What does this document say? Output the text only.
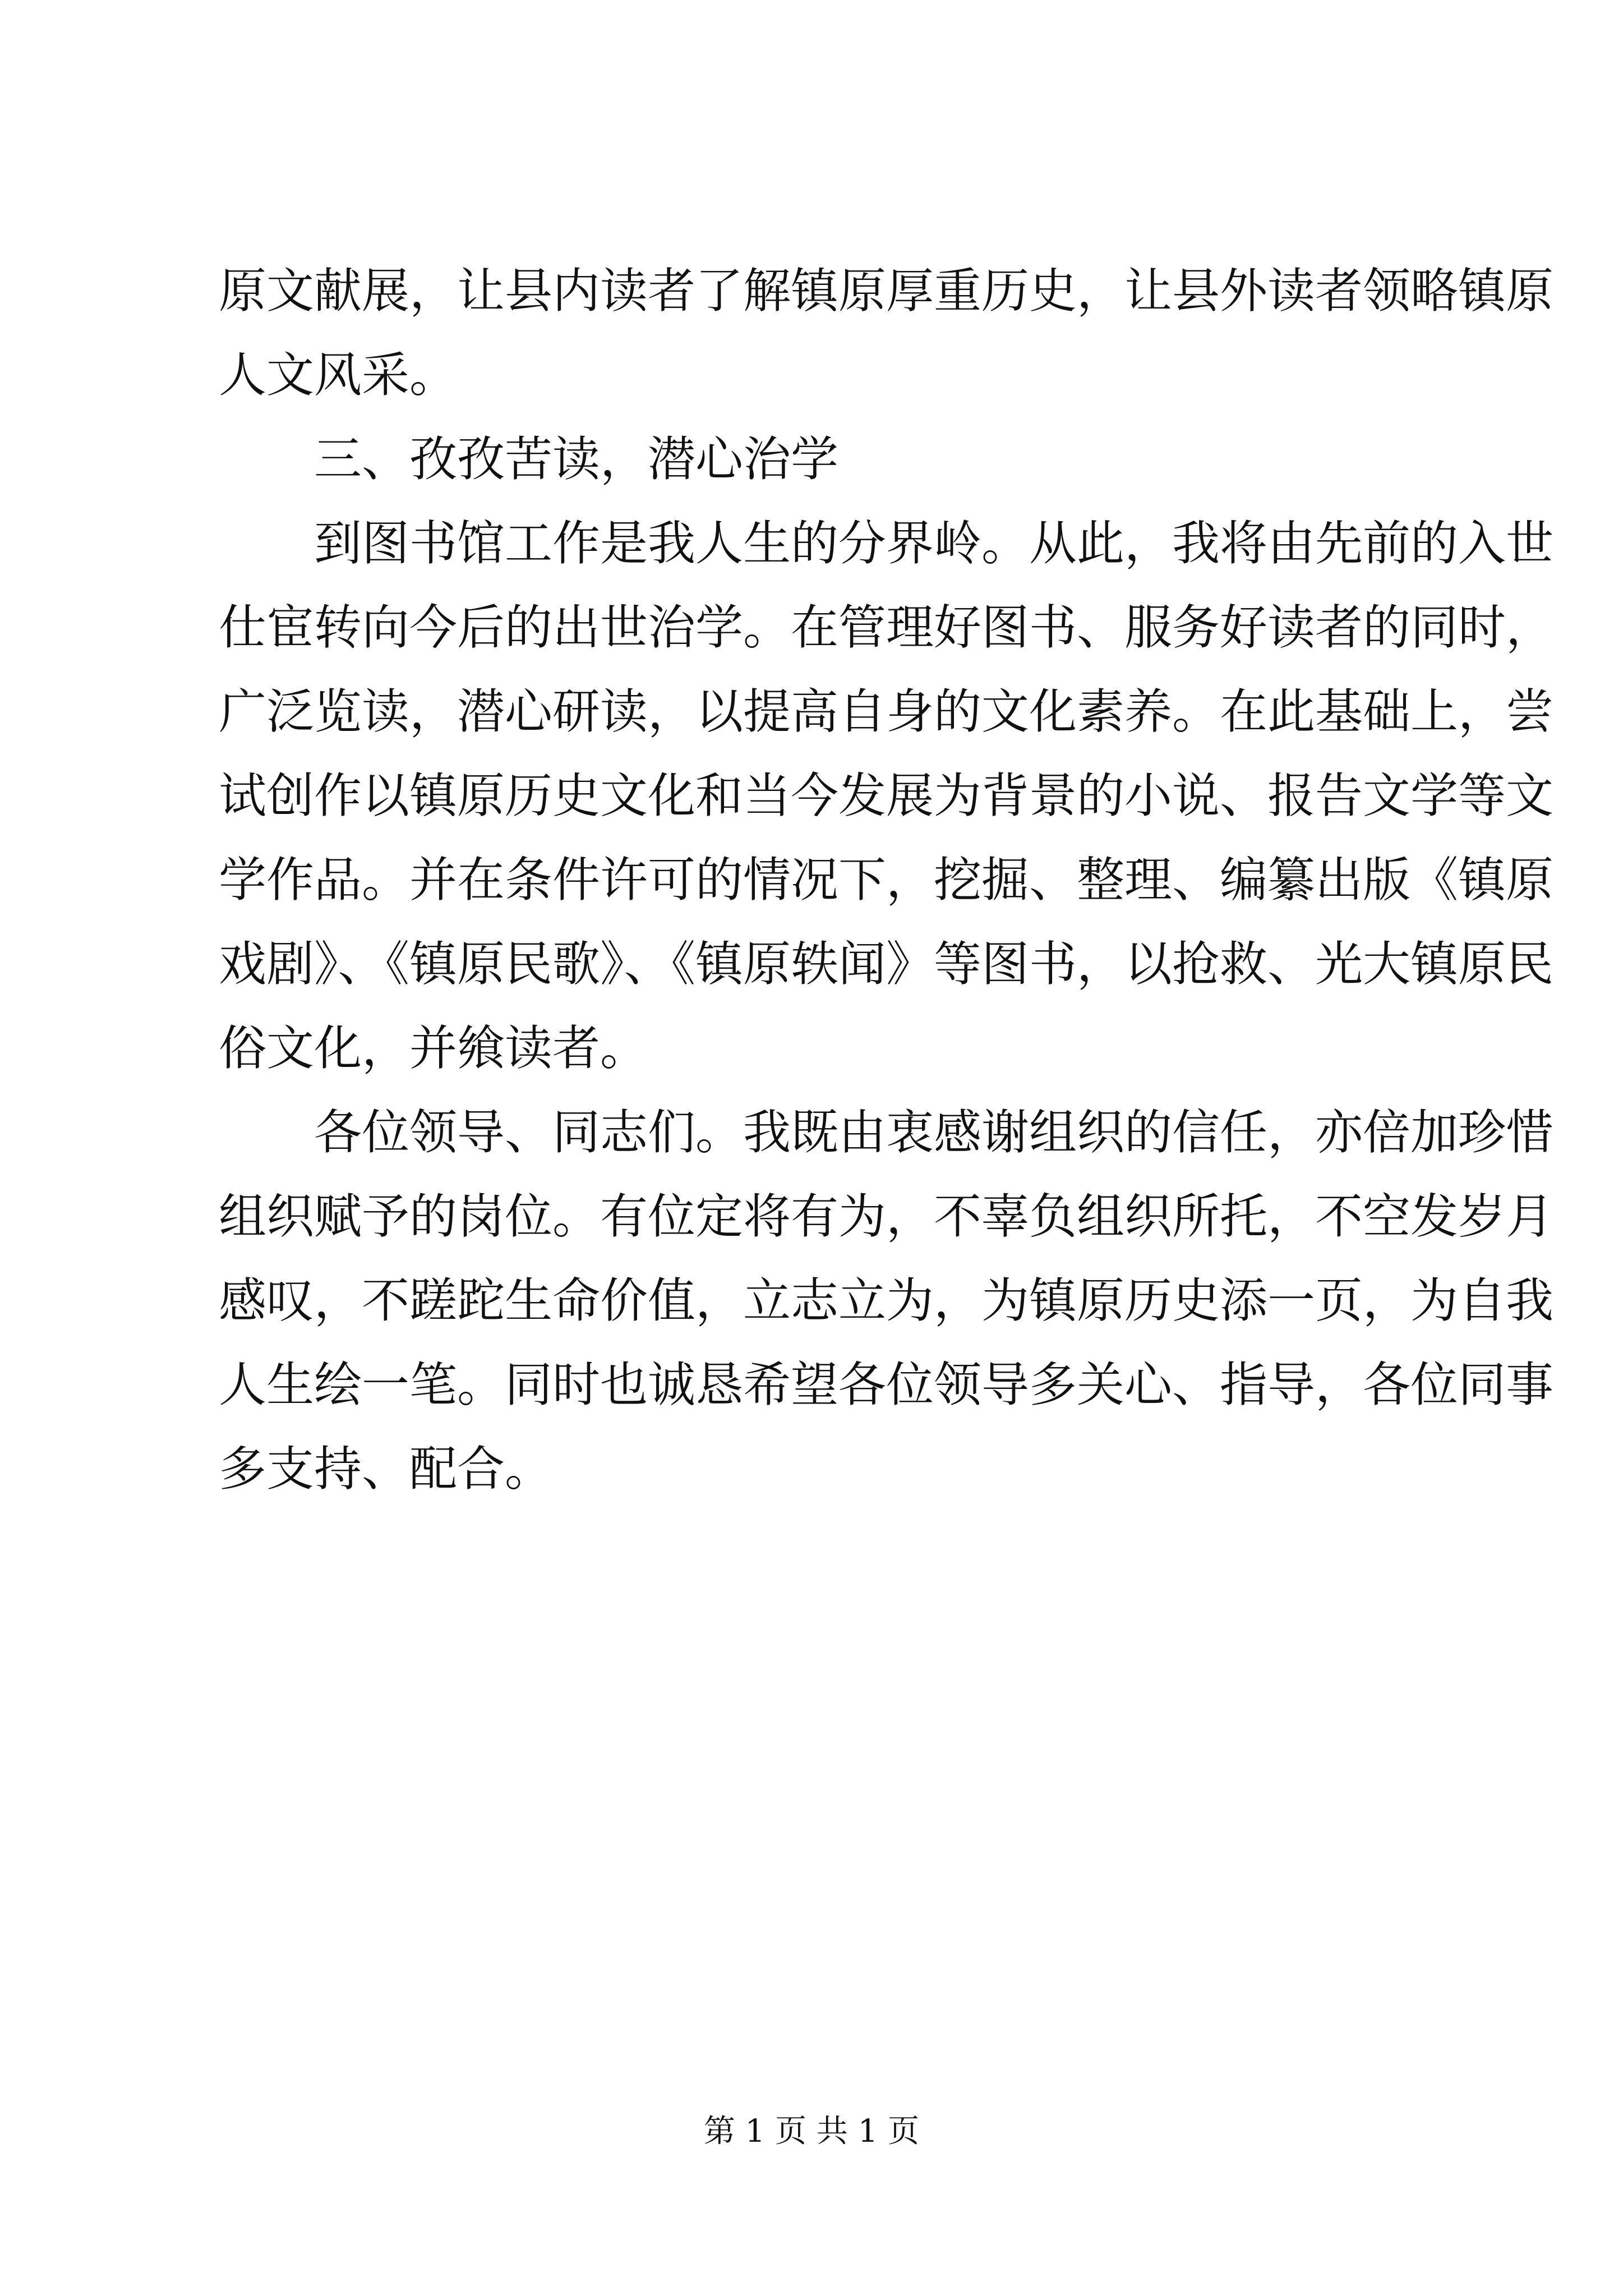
原文献展，让县内读者了解镇原厚重历史，让县外读者领略镇原
人文风采。
三、孜孜苦读，潜心治学
到图书馆工作是我人生的分界岭。从此，我将由先前的入世
仕宦转向今后的出世治学。在管理好图书、服务好读者的同时，
广泛览读，潜心研读，以提高自身的文化素养。在此基础上，尝
试创作以镇原历史文化和当今发展为背景的小说、报告文学等文
学作品。并在条件许可的情况下，挖掘、整理、编纂出版《镇原
戏剧》、《镇原民歌》、《镇原轶闻》等图书，以抢救、光大镇原民
俗文化，并飨读者。
各位领导、同志们。我既由衷感谢组织的信任，亦倍加珍惜
组织赋予的岗位。有位定将有为，不辜负组织所托，不空发岁月
感叹，不蹉跎生命价值，立志立为，为镇原历史添一页，为自我
人生绘一笔。同时也诚恳希望各位领导多关心、指导，各位同事
多支持、配合。
第 1 页 共 1 页
